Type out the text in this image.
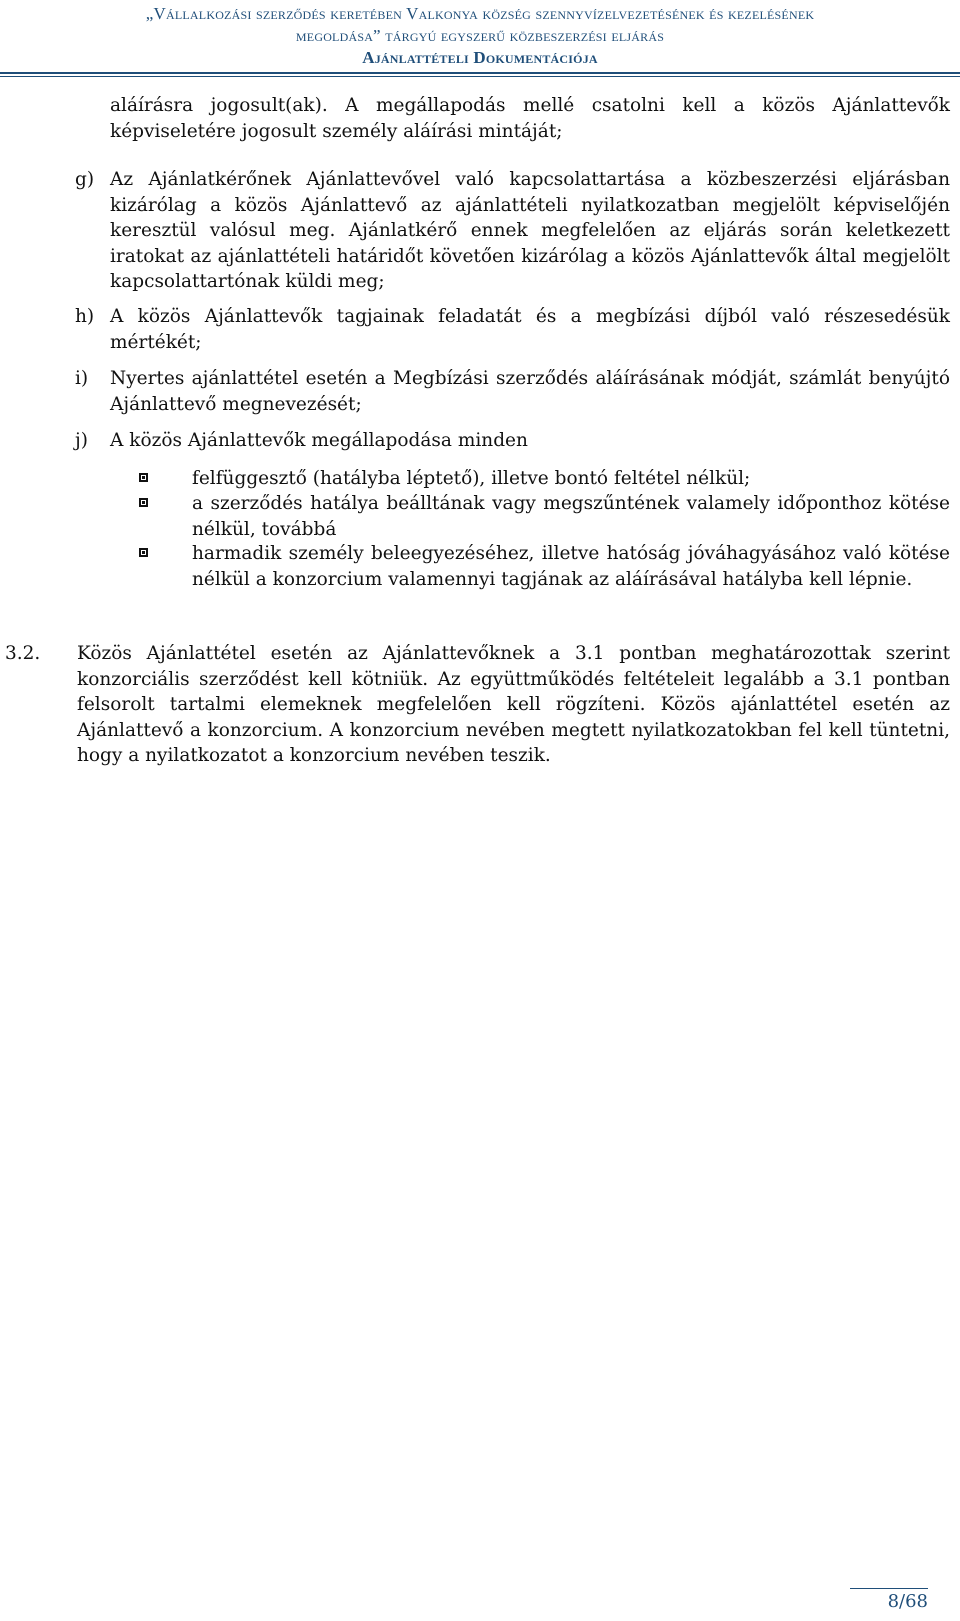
„Vállalkozási szerződés keretében Valkonya község szennyvízelvezetésének és kezelésének
megoldása” tárgyú egyszerű közbeszerzési eljárás
Ajánlattételi Dokumentációja

aláírásra jogosult(ak). A megállapodás mellé csatolni kell a közös Ajánlattevők képviseletére jogosult személy aláírási mintáját;

g) Az Ajánlatkérőnek Ajánlattevővel való kapcsolattartása a közbeszerzési eljárásban kizárólag a közös Ajánlattevő az ajánlattételi nyilatkozatban megjelölt képviselőjén keresztül valósul meg. Ajánlatkérő ennek megfelelően az eljárás során keletkezett iratokat az ajánlattételi határidőt követően kizárólag a közös Ajánlattevők által megjelölt kapcsolattartónak küldi meg;

h) A közös Ajánlattevők tagjainak feladatát és a megbízási díjból való részesedésük mértékét;

i) Nyertes ajánlattétel esetén a Megbízási szerződés aláírásának módját, számlát benyújtó Ajánlattevő megnevezését;

j) A közös Ajánlattevők megállapodása minden

felfüggesztő (hatályba léptető), illetve bontó feltétel nélkül;

a szerződés hatálya beálltának vagy megszűntének valamely időponthoz kötése nélkül, továbbá

harmadik személy beleegyezéséhez, illetve hatóság jóváhagyásához való kötése nélkül a konzorcium valamennyi tagjának az aláírásával hatályba kell lépnie.

3.2. Közös Ajánlattétel esetén az Ajánlattevőknek a 3.1 pontban meghatározottak szerint konzorciális szerződést kell kötniük. Az együttműködés feltételeit legalább a 3.1 pontban felsorolt tartalmi elemeknek megfelelően kell rögzíteni. Közös ajánlattétel esetén az Ajánlattevő a konzorcium. A konzorcium nevében megtett nyilatkozatokban fel kell tüntetni, hogy a nyilatkozatot a konzorcium nevében teszik.

8/68
